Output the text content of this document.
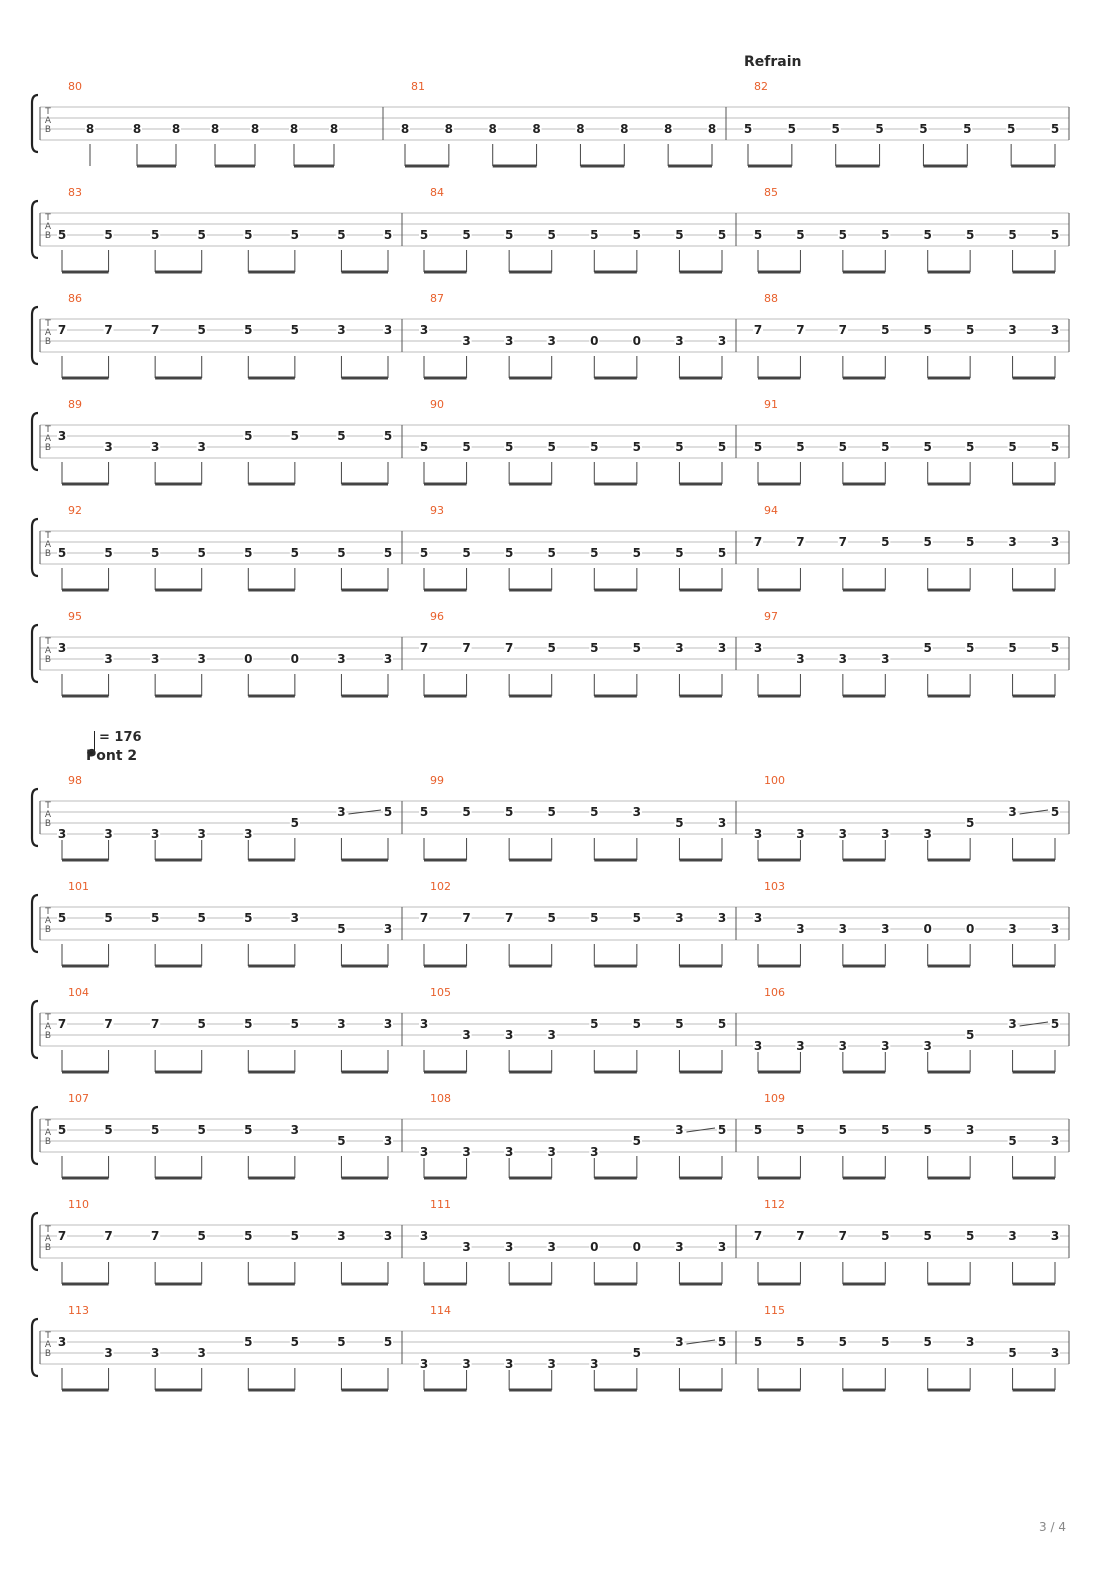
T
A
B
80
8	8	8	8	8	8	8
81
8	8	8	8	8	8	8	8
82
5	5	5	5	5	5	5	5
T
A
B
83
5	5	5	5	5	5	5	5
84
5	5	5	5	5	5	5	5
85
5	5	5	5	5	5	5	5
T
A
B
86
7	7	7	5	5	5	3	3
87
3
3	3	3	0	0	3	3
88
7	7	7	5	5	5	3	3
T
A
B
89
3
3	3	3
5	5	5	5
90
5	5	5	5	5	5	5	5
91
5	5	5	5	5	5	5	5
T
A
B
92
5	5	5	5	5	5	5	5
93
5	5	5	5	5	5	5	5
94
7	7	7	5	5	5	3	3
T
A
B
95
3
3	3	3	0	0	3	3
96
7	7	7	5	5	5	3	3
97
3
3	3	3
5	5	5	5
T
A
B
98
3	3	3	3	3
5
3	5
99
5	5	5	5	5	3
5	3
100
3	3	3	3	3
5
3	5
T
A
B
101
5	5	5	5	5	3
5	3
102
7	7	7	5	5	5	3	3
103
3
3	3	3	0	0	3	3
T
A
B
104
7	7	7	5	5	5	3	3
105
3
3	3	3
5	5	5	5
106
3	3	3	3	3
5
3	5
T
A
B
107
5	5	5	5	5	3
5	3
108
3	3	3	3	3
5
3	5
109
5	5	5	5	5	3
5	3
T
A
B
110
7	7	7	5	5	5	3	3
111
3
3	3	3	0	0	3	3
112
7	7	7	5	5	5	3	3
T
A
B
113
3
3	3	3
5	5	5	5
114
3	3	3	3	3
5
3	5
115
5	5	5	5	5	3
5	3
Refrain
= 176
Pont 2
3 / 4
